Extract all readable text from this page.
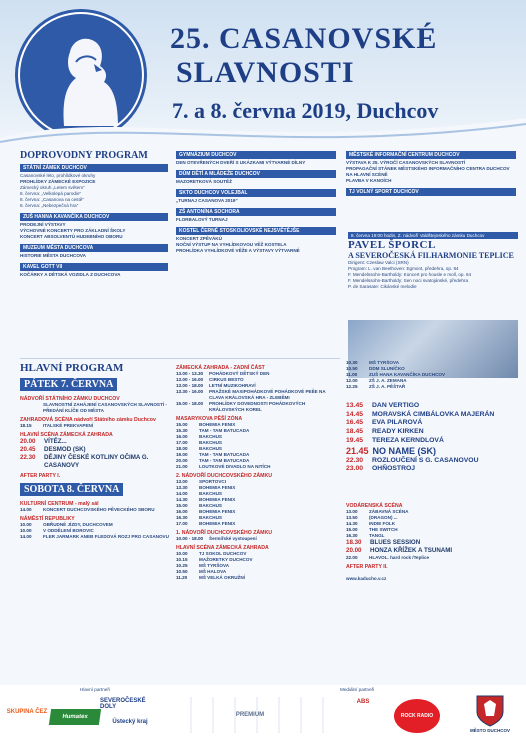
25. CASANOVSKÉ
SLAVNOSTI
7. a 8. června 2019, Duchcov
DOPROVODNÝ PROGRAM
STÁTNÍ ZÁMEK DUCHCOV
Casanovské léto, prohlídkové okruhy
PROHLÍDKY ZÁMECKÉ EXPOZICE
Zámecký okruh „Letem světem“
8. června: „Velkolepá parodie“
8. června: „Casanova na cestě“
8. června: „Nebezpečná hra“
ZUŠ HANNA KAVANČÍKA DUCHCOV
PRODEJNÍ VÝSTAVY
VÝCHOVNÉ KONCERTY PRO ZÁKLADNÍ ŠKOLY
KONCERT ABSOLVENTŮ HUDEBNÍHO OBORU
MUZEUM MĚSTA DUCHCOVA
HISTORIE MĚSTA DUCHCOVA
KAVEL GOTT VII
KOČÁRKY A DĚTSKÁ VOZIDLA Z DUCHCOVA
GYMNÁZIUM DUCHCOV
DEN OTEVŘENÝCH DVEŘÍ S UKÁZKAMI VÝTVARNÉ DÍLNY
DŮM DĚTÍ A MLÁDEŽE DUCHCOV
MAZORETKOVÁ SOUTĚŽ
SKTO DUCHCOV VOLEJBAL
„TURNAJ CASANOVA 2019“
ZŠ ANTONÍNA SOCHORA
FLORBALOVÝ TURNAJ
KOSTEL ČERNÉ STOSKOLIOVSKÉ NEJSVĚTĚJŠE
KONCERT ZPĚVÁKŮ
NOČNÍ VÝSTUP NA VYHLÍDKOVOU VĚŽ KOSTELA
PROHLÍDKA VYHLÍDKOVÉ VĚŽE A VÝSTAVY VÝTVARNÉ
MĚSTSKÉ INFORMAČNÍ CENTRUM DUCHCOV
VÝSTAVA K 25. VÝROČÍ CASANOVSKÝCH SLAVNOSTÍ
PROPAGAČNÍ STÁNEK MĚSTSKÉHO INFORMAČNÍHO CENTRA DUCHCOV NA HLAVNÍ SCÉNĚ
PLAVBA V KANOÍCH
TJ VOLNÝ SPORT DUCHCOV
8. června 19:00 hodin, Z. nádvoří Valdštejnského zámku Duchcov
PAVEL ŠPORCL
A SEVEROČESKÁ FILHARMONIE TEPLICE
Dirigent: Czeslaw Valci (SRN)
Program: L. van Beethoven: Egmont, předehra, op. 84
F. Mendelssohn-Bartholdy: Koncert pro housle e moll, op. 64
F. Mendelssohn-Bartholdy: Sen noci svatojánské, předehra
P. de Sarasate: Cikánské melodie
HLAVNÍ PROGRAM
PÁTEK 7. ČERVNA
NÁDVOŘÍ STÁTNÍHO ZÁMKU DUCHCOV
SLAVNOSTNÍ ZAHÁJENÍ CASANOVSKÝCH SLAVNOSTÍ - PŘEDÁNÍ KLÍČE OD MĚSTA
ZAHRADOVÁ SCÉNA nádvoří Státního zámku Duchcov
18.15	ITALSKÉ PREKVAPENÍ
HLAVNÍ SCÉNA ZÁMECKÁ ZAHRADA
20.00	VÍTĚZ...
20.45	DESMOD (SK)
22.30	DĚJINY ČESKÉ KOTLINY OČIMA G. CASANOVY
AFTER PARTY I.
SOBOTA 8. ČERVNA
KULTURNÍ CENTRUM - malý sál
14.00	KONCERT DUCHCOVSKÉHO PĚVECKÉHO SBORU
NÁMĚSTÍ REPUBLIKY
10.00	OBŘUDNÉ JÍZDY, DUCHCOVEM
10.00	V ODDĚLENÍ BOROVIC
14.00	FLER JARMARK ANEB FLEDOVÁ ROZJ PRO CASANOVU
ZÁMECKÁ ZAHRADA - ZADNÍ ČÁST
13.00 - 13.30	POHÁDKOVÝ DĚTSKÝ DEN
13.00 - 16.00	CIRKUS BESTO
13.00 - 18.00	LETNÍ MUZIKOHRAVÍ
13.30 - 16.00	PRAŽSKÉ MAXIPOHÁDKOVÉ POHÁDKOVÉ PEĚE NA CLAVA KRÁLOVSKÁ HRA - ZLEBĚMI
15.00 - 18.00	PROHLÍDKY DOVEDNOSTI POHÁDKOVÝCH KRÁLOVSKÝCH KOREL
MASARYKOVA PĚŠÍ ZÓNA
15.00	BOHEMIA FENIX
15.30	TAM - TAM BATUCADA
16.00	BAKCHUS
17.00	BAKCHUS
18.00	BAKCHUS
19.00	TAM - TAM BATUCADA
20.00	TAM - TAM BATUCADA
21.00	LOUTKOVÉ DIVADLO NA NITÍCH
2. NÁDVOŘÍ DUCHCOVSKÉHO ZÁMKU
13.00	SPORTOVCI
13.30	BOHEMIA FENIX
14.00	BAKCHUS
14.30	BOHEMIA FENIX
15.00	BAKCHUS
16.00	BOHEMIA FENIX
16.30	BAKCHUS
17.00	BOHEMIA FENIX
1. NÁDVOŘÍ DUCHCOVSKÉHO ZÁMKU
10.00 - 18.00	Šermířské vystoupení
HLAVNÍ SCÉNA ZÁMECKÁ ZAHRADA
10.00	TJ SOKOL DUCHCOV
10.15	MAŽORETKY DUCHCOV
10.25	MŠ TYRŠOVA
10.50	MŠ HALOVA
11.20	MŠ VELKÁ OKRUŽNÍ
10.30	MŠ TYRŠOVA
10.50	DDM SLUNÍČKO
11.00	ZUŠ HANA KAVANČÍKA DUCHCOV
12.00	ZŠ J. A. ZEMANA
12.25	ZŠ J. A. PĚŠTAŘ
13.45	DAN VERTIGO
14.45	MORAVSKÁ CIMBÁLOVKA MAJERÁN
16.45	EVA PILAROVÁ
18.45	READY KIRKEN
19.45	TEREZA KERNDLOVÁ
21.45 NO NAME (SK)
22.30	ROZLOUČENÍ S G. CASANOVOU
23.00	OHŇOSTROJ
VODÁRENSKÁ SCÉNA
13.00	ZÁBAVNÁ SCÉNA
13.50	(DRAGON) ...
14.30	INDIE FOLK
15.00	THE SWITCH
16.30	TANGL
18.30	BLUES SESSION
20.00	HONZA KŘÍŽEK A TSUNAMI
22.00	HLAVOL. hard rock /Teplice
AFTER PARTY II.
www.kaducho.v.cz
Hlavní partneři	Mediální partneři
SKUPINA ČEZ
Humatex
SEVEROČESKÉ DOLY
Ústecký kraj
PREMIUM
ABS
ROCK RADIO
MĚSTO DUCHCOV
